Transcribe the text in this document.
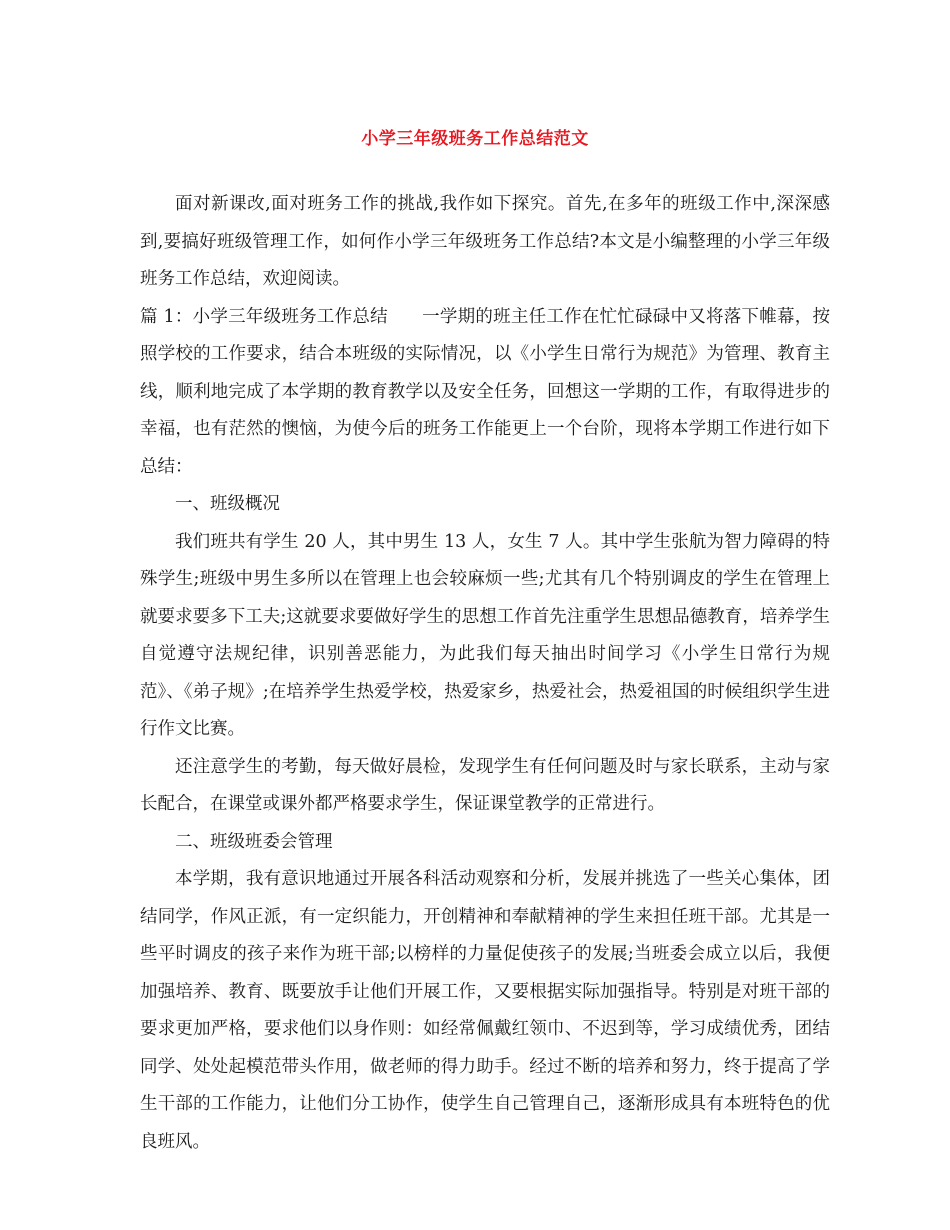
小学三年级班务工作总结范文

面对新课改,面对班务工作的挑战,我作如下探究。首先,在多年的班级工作中,深深感到,要搞好班级管理工作，如何作小学三年级班务工作总结?本文是小编整理的小学三年级班务工作总结，欢迎阅读。

篇 1：小学三年级班务工作总结 一学期的班主任工作在忙忙碌碌中又将落下帷幕，按照学校的工作要求，结合本班级的实际情况，以《小学生日常行为规范》为管理、教育主线，顺利地完成了本学期的教育教学以及安全任务，回想这一学期的工作，有取得进步的幸福，也有茫然的懊恼，为使今后的班务工作能更上一个台阶，现将本学期工作进行如下总结：

一、班级概况

我们班共有学生 20 人，其中男生 13 人，女生 7 人。其中学生张航为智力障碍的特殊学生;班级中男生多所以在管理上也会较麻烦一些;尤其有几个特别调皮的学生在管理上就要求要多下工夫;这就要求要做好学生的思想工作首先注重学生思想品德教育，培养学生自觉遵守法规纪律，识别善恶能力，为此我们每天抽出时间学习《小学生日常行为规范》、《弟子规》;在培养学生热爱学校，热爱家乡，热爱社会，热爱祖国的时候组织学生进行作文比赛。

还注意学生的考勤，每天做好晨检，发现学生有任何问题及时与家长联系，主动与家长配合，在课堂或课外都严格要求学生，保证课堂教学的正常进行。

二、班级班委会管理

本学期，我有意识地通过开展各科活动观察和分析，发展并挑选了一些关心集体，团结同学，作风正派，有一定织能力，开创精神和奉献精神的学生来担任班干部。尤其是一些平时调皮的孩子来作为班干部;以榜样的力量促使孩子的发展;当班委会成立以后，我便加强培养、教育、既要放手让他们开展工作，又要根据实际加强指导。特别是对班干部的要求更加严格，要求他们以身作则：如经常佩戴红领巾、不迟到等，学习成绩优秀，团结同学、处处起模范带头作用，做老师的得力助手。经过不断的培养和努力，终于提高了学生干部的工作能力，让他们分工协作，使学生自己管理自己，逐渐形成具有本班特色的优良班风。
